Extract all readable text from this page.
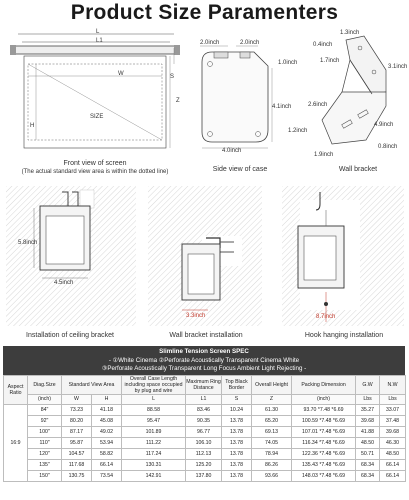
Product Size Paramenters
L
L1
W
H
SIZE
S
Z
Front view of screen
(The actual standard view area is within the dotted line)
2.0inch	2.0inch
1.0inch
4.1inch
4.0inch
Side view of case
1.3inch
0.4inch
1.7inch
3.1inch
2.6inch
4.9inch
1.2inch
1.9inch
0.8inch
Wall bracket
5.8inch
4.5inch
Installation of ceiling bracket
3.3inch
Wall bracket installation
8.7inch
Hook hanging installation
Slimline Tension Screen SPEC
- ①White Cinema ②Perforate Acoustically Transparent Cinema White
③Perforate Acoustically Transparent Long Focus Ambient Light Rejecting -
Aspect Ratio	Diag.Size	Standard View Area		Overall Case Length including space occupied by plug and wire	Maximum Ring Distance	Top Black Border	Overall Height	Packing Dimension	G.W	N.W
	(inch)	W	H	L	L1	S	Z	(inch)	Lbs	Lbs
16:9	84"	73.23	41.18	88.58	83.46	10.24	61.30	93.70 *7.48 *6.69	35.27	33.07
	92"	80.20	45.08	95.47	90.35	13.78	65.20	100.59 *7.48 *6.69	39.68	37.48
	100"	87.17	49.02	101.89	96.77	13.78	69.13	107.01 *7.48 *6.69	41.88	39.68
	110"	95.87	53.94	111.22	106.10	13.78	74.05	116.34 *7.48 *6.69	48.50	46.30
	120"	104.57	58.82	117.24	112.13	13.78	78.94	122.36 *7.48 *6.69	50.71	48.50
	135"	117.68	66.14	130.31	125.20	13.78	86.26	135.43 *7.48 *6.69	68.34	66.14
	150"	130.75	73.54	142.91	137.80	13.78	93.66	148.03 *7.48 *6.69	68.34	66.14
